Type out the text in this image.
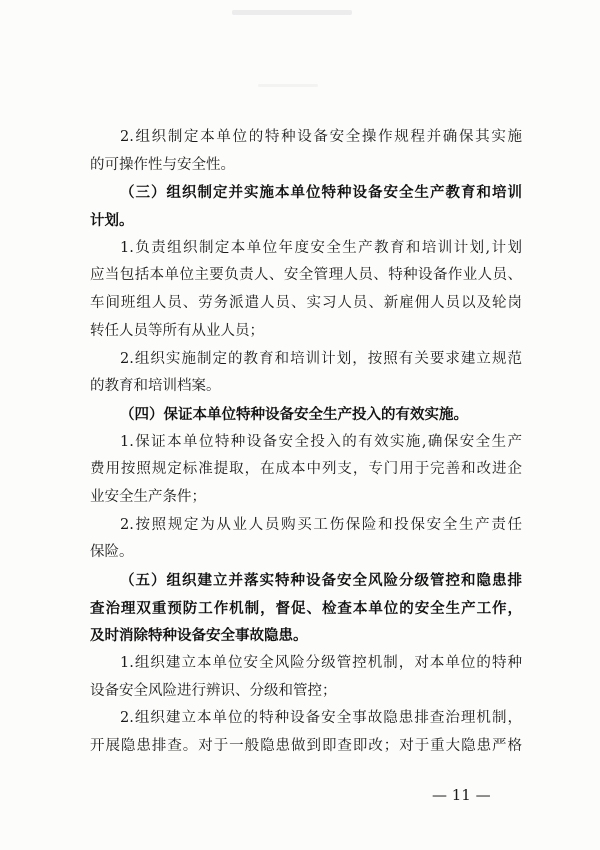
2.组织制定本单位的特种设备安全操作规程并确保其实施
的可操作性与安全性。
（三）组织制定并实施本单位特种设备安全生产教育和培训
计划。
1.负责组织制定本单位年度安全生产教育和培训计划,计划
应当包括本单位主要负责人、安全管理人员、特种设备作业人员、
车间班组人员、劳务派遣人员、实习人员、新雇佣人员以及轮岗
转任人员等所有从业人员；
2.组织实施制定的教育和培训计划，按照有关要求建立规范
的教育和培训档案。
（四）保证本单位特种设备安全生产投入的有效实施。
1.保证本单位特种设备安全投入的有效实施,确保安全生产
费用按照规定标准提取，在成本中列支，专门用于完善和改进企
业安全生产条件；
2.按照规定为从业人员购买工伤保险和投保安全生产责任
保险。
（五）组织建立并落实特种设备安全风险分级管控和隐患排
查治理双重预防工作机制，督促、检查本单位的安全生产工作，
及时消除特种设备安全事故隐患。
1.组织建立本单位安全风险分级管控机制，对本单位的特种
设备安全风险进行辨识、分级和管控；
2.组织建立本单位的特种设备安全事故隐患排查治理机制，
开展隐患排查。对于一般隐患做到即查即改；对于重大隐患严格
— 11 —
